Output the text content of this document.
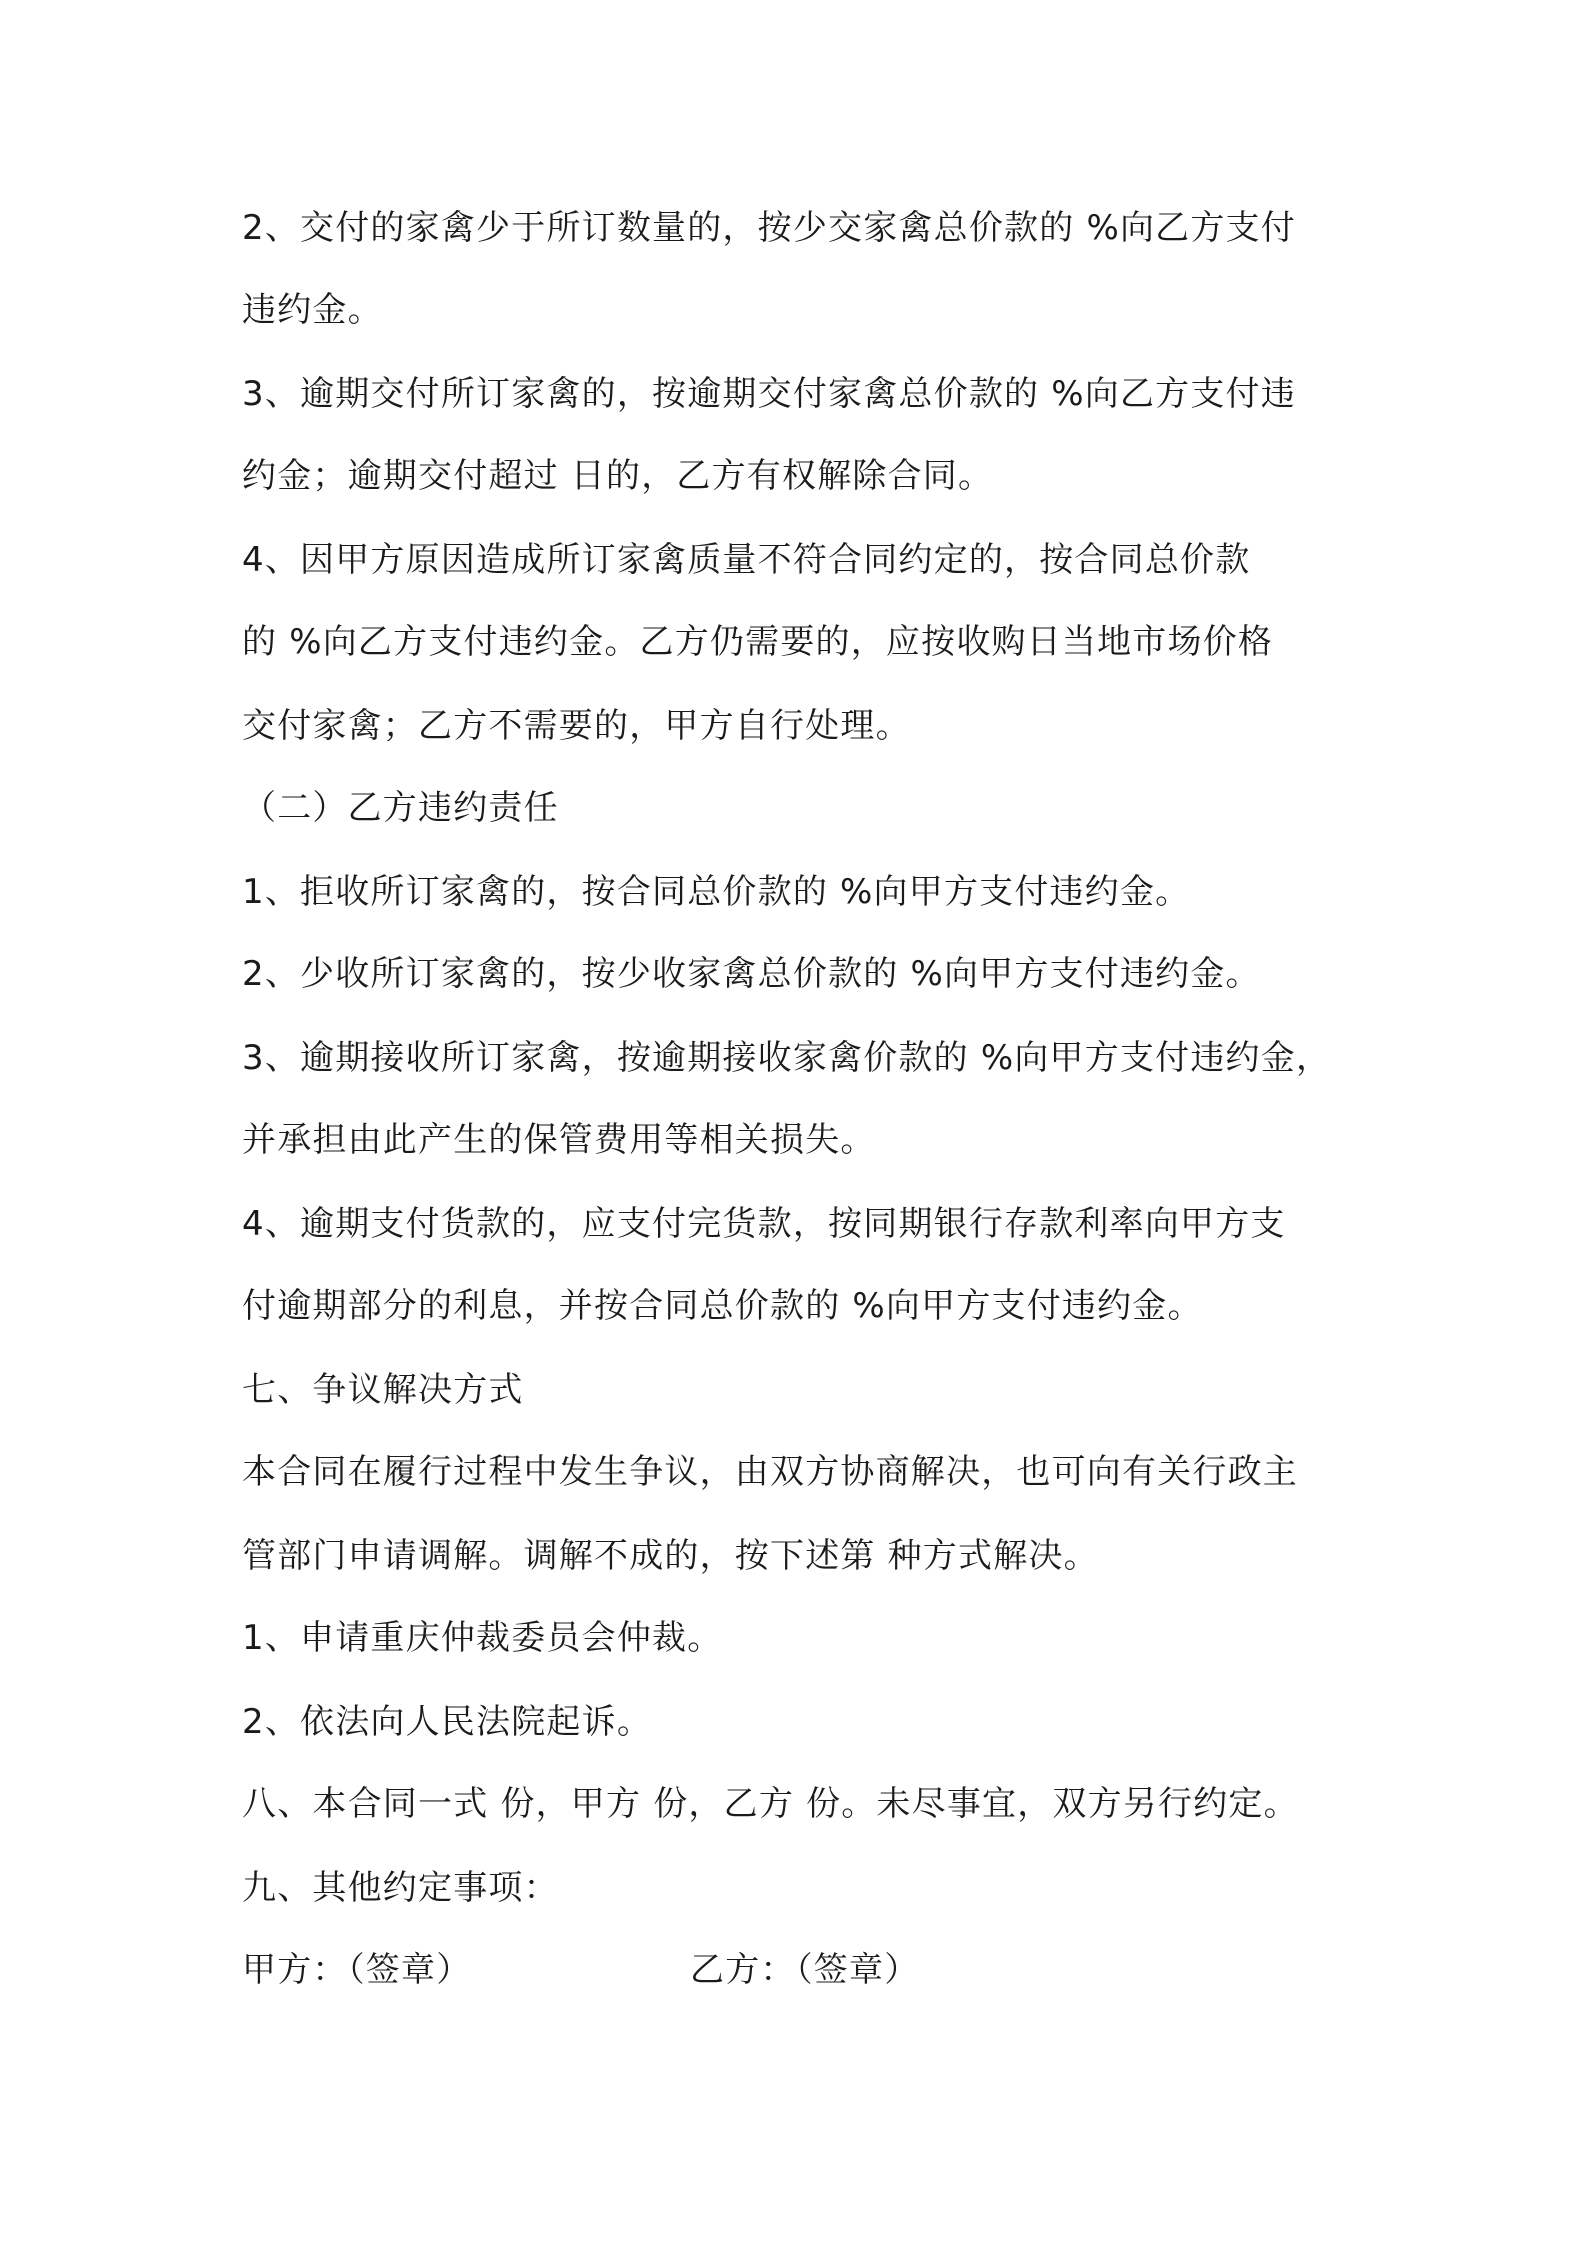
2、交付的家禽少于所订数量的，按少交家禽总价款的 %向乙方支付

违约金。

3、逾期交付所订家禽的，按逾期交付家禽总价款的 %向乙方支付违

约金；逾期交付超过 日的，乙方有权解除合同。

4、因甲方原因造成所订家禽质量不符合同约定的，按合同总价款

的 %向乙方支付违约金。乙方仍需要的，应按收购日当地市场价格

交付家禽；乙方不需要的，甲方自行处理。

（二）乙方违约责任

1、拒收所订家禽的，按合同总价款的 %向甲方支付违约金。

2、少收所订家禽的，按少收家禽总价款的 %向甲方支付违约金。

3、逾期接收所订家禽，按逾期接收家禽价款的 %向甲方支付违约金，

并承担由此产生的保管费用等相关损失。

4、逾期支付货款的，应支付完货款，按同期银行存款利率向甲方支

付逾期部分的利息，并按合同总价款的 %向甲方支付违约金。

七、争议解决方式

本合同在履行过程中发生争议，由双方协商解决，也可向有关行政主

管部门申请调解。调解不成的，按下述第 种方式解决。

1、申请重庆仲裁委员会仲裁。

2、依法向人民法院起诉。

八、本合同一式 份，甲方 份，乙方 份。未尽事宜，双方另行约定。

九、其他约定事项：

甲方：（签章）	乙方：（签章）
